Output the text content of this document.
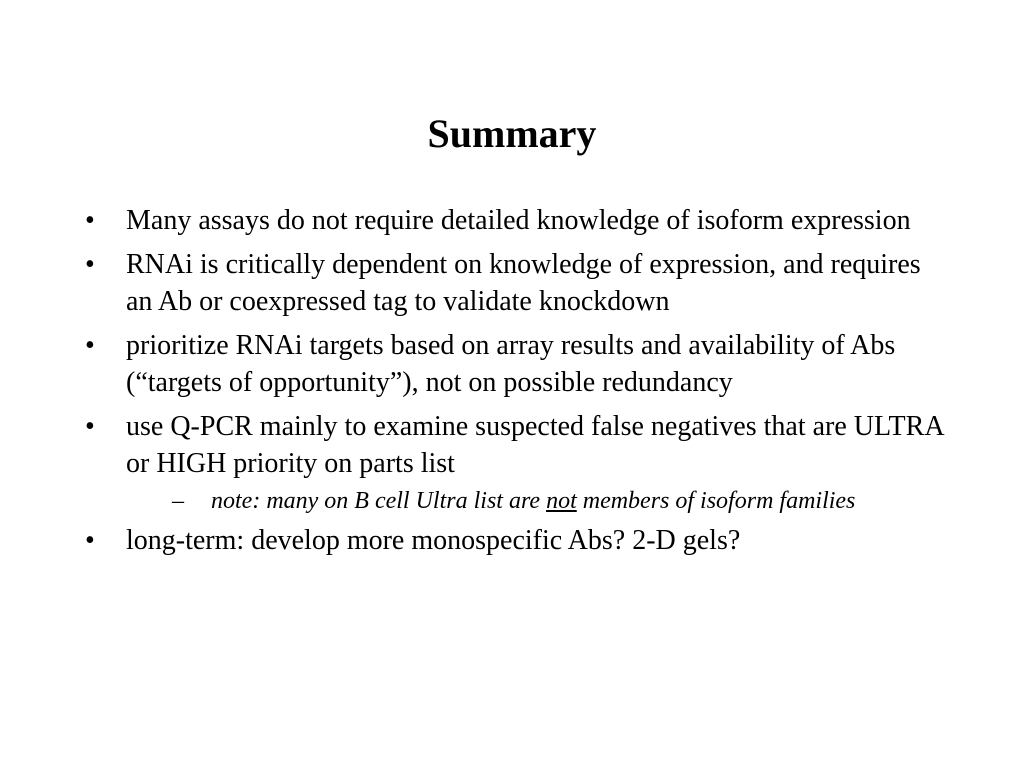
Summary
•	Many assays do not require detailed knowledge of isoform expression
•	RNAi is critically dependent on knowledge of expression, and requires an Ab or coexpressed tag to validate knockdown
•	prioritize RNAi targets based on array results and availability of Abs (“targets of opportunity”), not on possible redundancy
•	use Q-PCR mainly to examine suspected false negatives that are ULTRA or HIGH priority on parts list
–	note: many on B cell Ultra list are not members of isoform families
•	long-term: develop more monospecific Abs? 2-D gels?
